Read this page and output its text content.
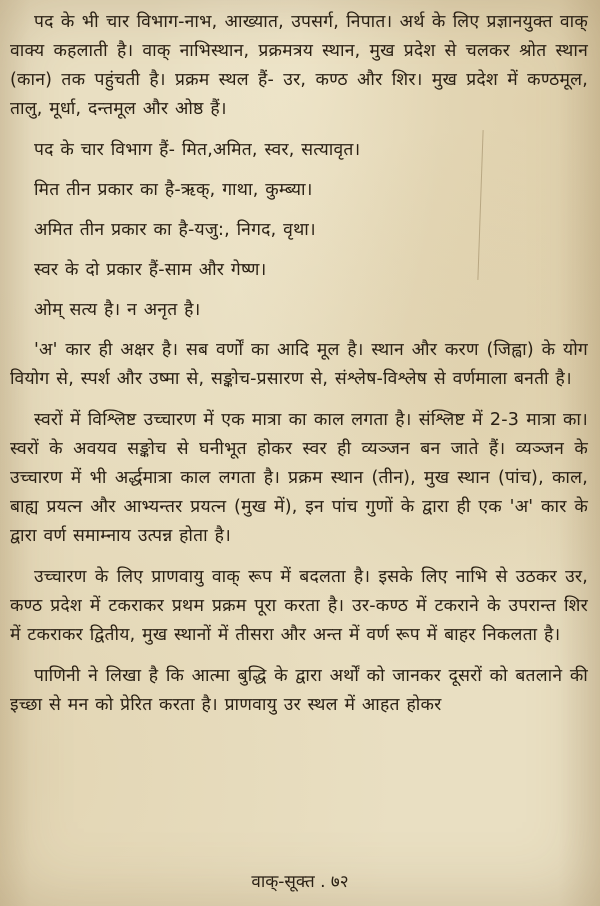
पद के भी चार विभाग-नाभ, आख्यात, उपसर्ग, निपात। अर्थ के लिए प्रज्ञानयुक्त वाक् वाक्य कहलाती है। वाक् नाभिस्थान, प्रक्रमत्रय स्थान, मुख प्रदेश से चलकर श्रोत स्थान (कान) तक पहुंचती है। प्रक्रम स्थल हैं- उर, कण्ठ और शिर। मुख प्रदेश में कण्ठमूल, तालु, मूर्धा, दन्तमूल और ओष्ठ हैं।

पद के चार विभाग हैं- मित,अमित, स्वर, सत्यावृत।

मित तीन प्रकार का है-ऋक्, गाथा, कुम्ब्या।

अमित तीन प्रकार का है-यजु:, निगद, वृथा।

स्वर के दो प्रकार हैं-साम और गेष्ण।

ओम् सत्य है। न अनृत है।

'अ' कार ही अक्षर है। सब वर्णों का आदि मूल है। स्थान और करण (जिह्वा) के योग वियोग से, स्पर्श और उष्मा से, सङ्कोच-प्रसारण से, संश्लेष-विश्लेष से वर्णमाला बनती है।

स्वरों में विश्लिष्ट उच्चारण में एक मात्रा का काल लगता है। संश्लिष्ट में 2-3 मात्रा का। स्वरों के अवयव सङ्कोच से घनीभूत होकर स्वर ही व्यञ्जन बन जाते हैं। व्यञ्जन के उच्चारण में भी अर्द्धमात्रा काल लगता है। प्रक्रम स्थान (तीन), मुख स्थान (पांच), काल, बाह्य प्रयत्न और आभ्यन्तर प्रयत्न (मुख में), इन पांच गुणों के द्वारा ही एक 'अ' कार के द्वारा वर्ण समाम्नाय उत्पन्न होता है।

उच्चारण के लिए प्राणवायु वाक् रूप में बदलता है। इसके लिए नाभि से उठकर उर, कण्ठ प्रदेश में टकराकर प्रथम प्रक्रम पूरा करता है। उर-कण्ठ में टकराने के उपरान्त शिर में टकराकर द्वितीय, मुख स्थानों में तीसरा और अन्त में वर्ण रूप में बाहर निकलता है।

पाणिनी ने लिखा है कि आत्मा बुद्धि के द्वारा अर्थों को जानकर दूसरों को बतलाने की इच्छा से मन को प्रेरित करता है। प्राणवायु उर स्थल में आहत होकर

वाक्-सूक्त . ७२
